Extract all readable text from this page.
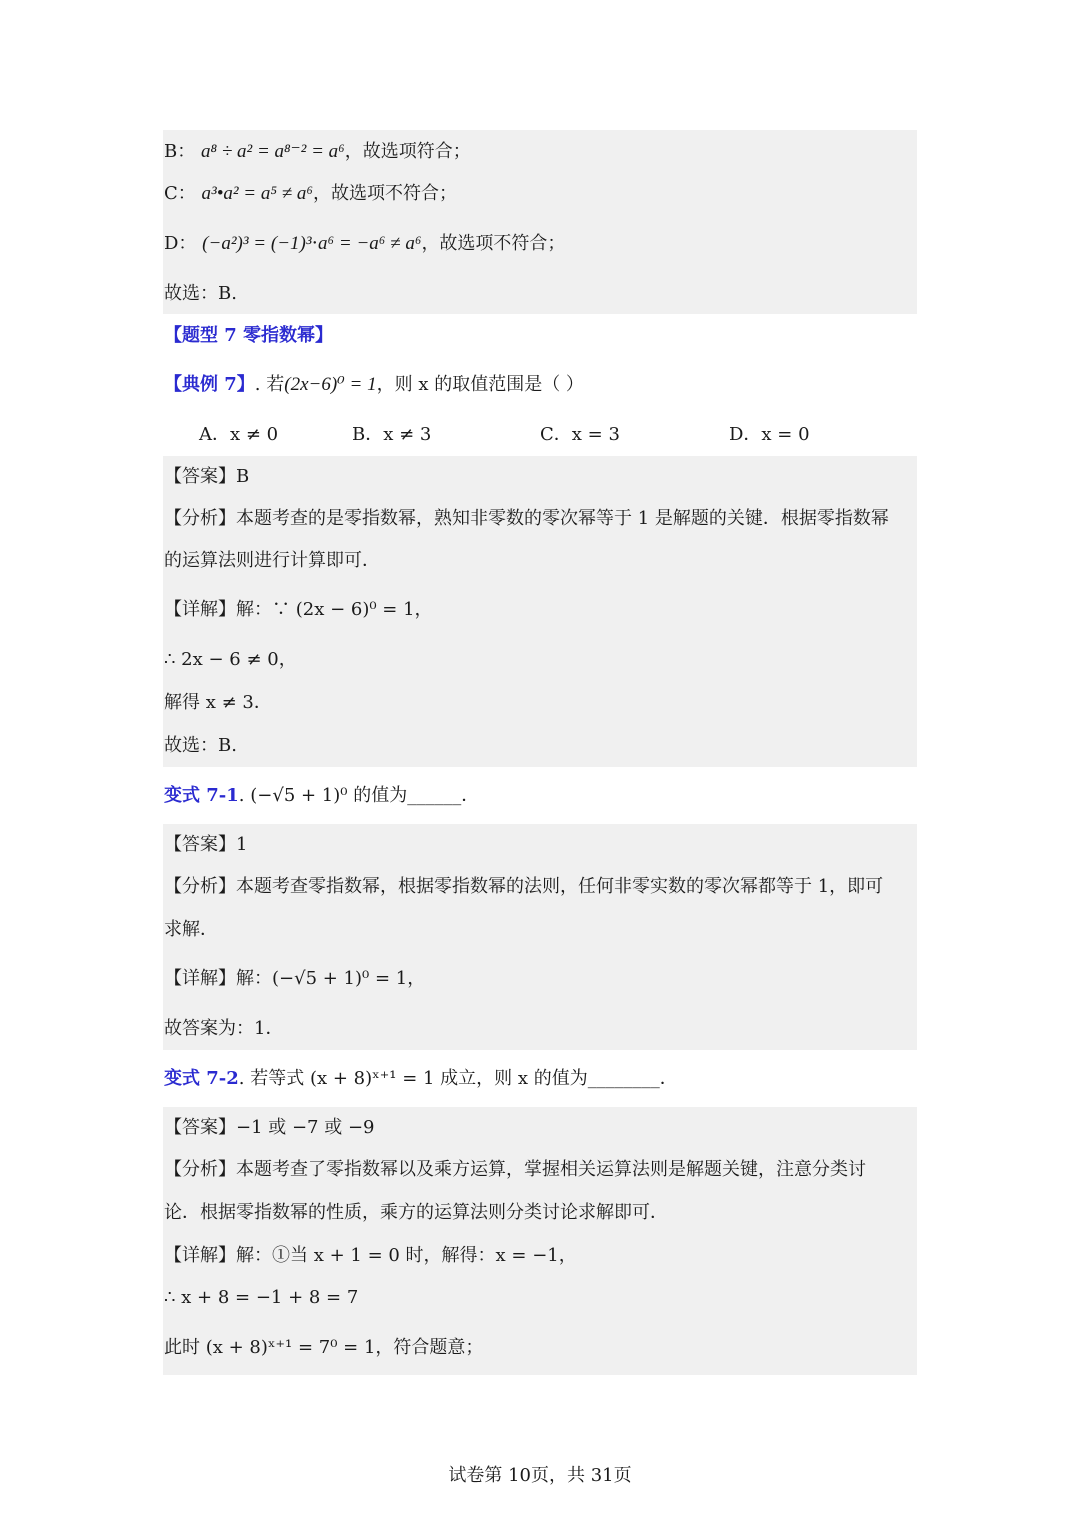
B： a⁸ ÷ a² = a⁸⁻² = a⁶，故选项符合；
C： a³•a² = a⁵ ≠ a⁶，故选项不符合；
D： (−a²)³ = (−1)³⋅a⁶ = −a⁶ ≠ a⁶，故选项不符合；
故选：B.
【题型 7 零指数幂】
【典例 7】. 若(2x−6)⁰ = 1，则 x 的取值范围是（ ）
A．x ≠ 0	B．x ≠ 3	C．x = 3	D．x = 0
【答案】B
【分析】本题考查的是零指数幂，熟知非零数的零次幂等于 1 是解题的关键．根据零指数幂
的运算法则进行计算即可．
【详解】解：∵ (2x − 6)⁰ = 1，
∴ 2x − 6 ≠ 0，
解得 x ≠ 3．
故选：B.
变式 7-1. (−√5 + 1)⁰ 的值为______．
【答案】1
【分析】本题考查零指数幂，根据零指数幂的法则，任何非零实数的零次幂都等于 1，即可
求解．
【详解】解：(−√5 + 1)⁰ = 1，
故答案为：1．
变式 7-2. 若等式 (x + 8)ˣ⁺¹ = 1 成立，则 x 的值为________．
【答案】−1 或 −7 或 −9
【分析】本题考查了零指数幂以及乘方运算，掌握相关运算法则是解题关键，注意分类讨
论．根据零指数幂的性质，乘方的运算法则分类讨论求解即可．
【详解】解：①当 x + 1 = 0 时，解得：x = −1，
∴ x + 8 = −1 + 8 = 7
此时 (x + 8)ˣ⁺¹ = 7⁰ = 1，符合题意；
试卷第 10页，共 31页
